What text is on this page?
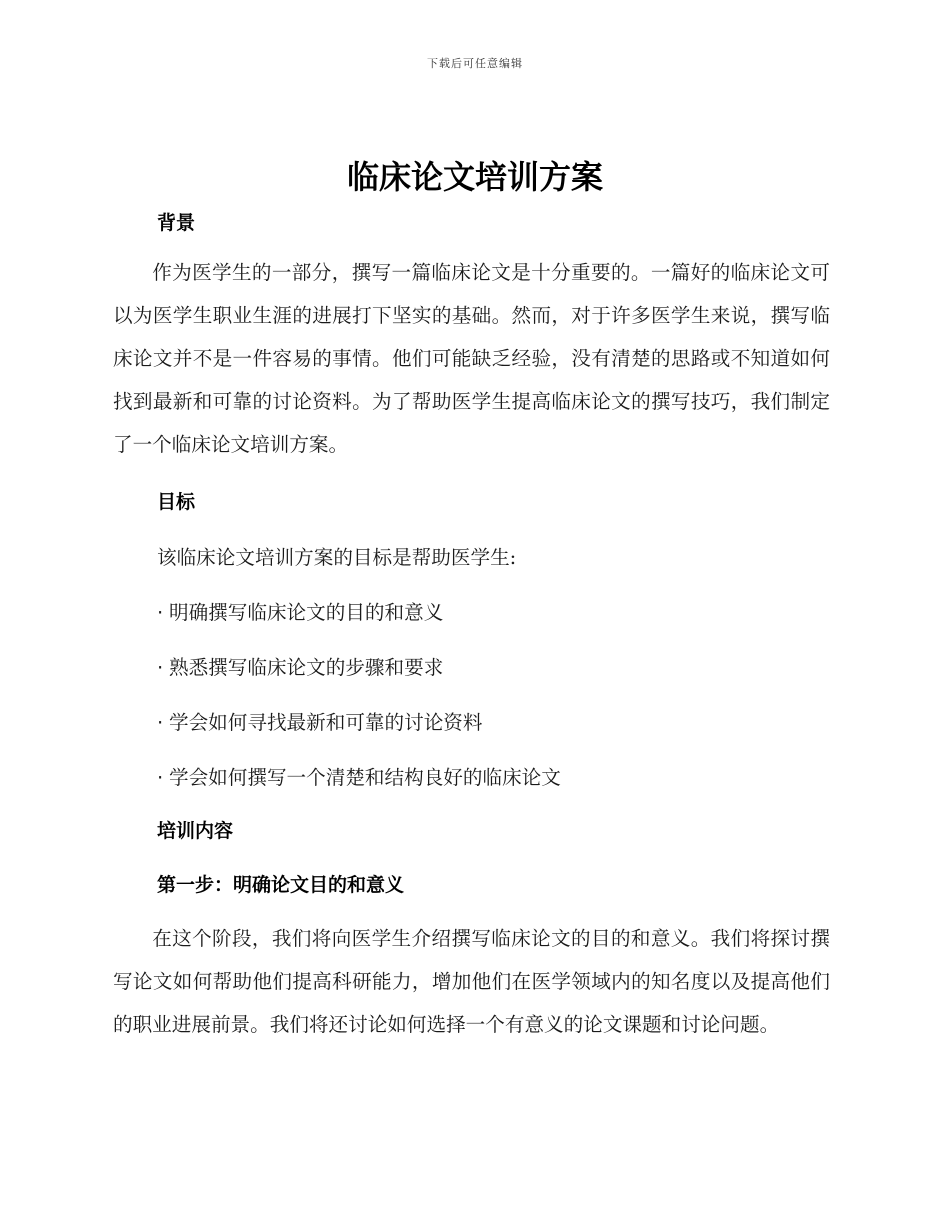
下载后可任意编辑
临床论文培训方案
背景

作为医学生的一部分，撰写一篇临床论文是十分重要的。一篇好的临床论文可以为医学生职业生涯的进展打下坚实的基础。然而，对于许多医学生来说，撰写临床论文并不是一件容易的事情。他们可能缺乏经验，没有清楚的思路或不知道如何找到最新和可靠的讨论资料。为了帮助医学生提高临床论文的撰写技巧，我们制定了一个临床论文培训方案。

目标

该临床论文培训方案的目标是帮助医学生:

· 明确撰写临床论文的目的和意义

· 熟悉撰写临床论文的步骤和要求

· 学会如何寻找最新和可靠的讨论资料

· 学会如何撰写一个清楚和结构良好的临床论文

培训内容
第一步：明确论文目的和意义

在这个阶段，我们将向医学生介绍撰写临床论文的目的和意义。我们将探讨撰写论文如何帮助他们提高科研能力，增加他们在医学领域内的知名度以及提高他们的职业进展前景。我们将还讨论如何选择一个有意义的论文课题和讨论问题。
